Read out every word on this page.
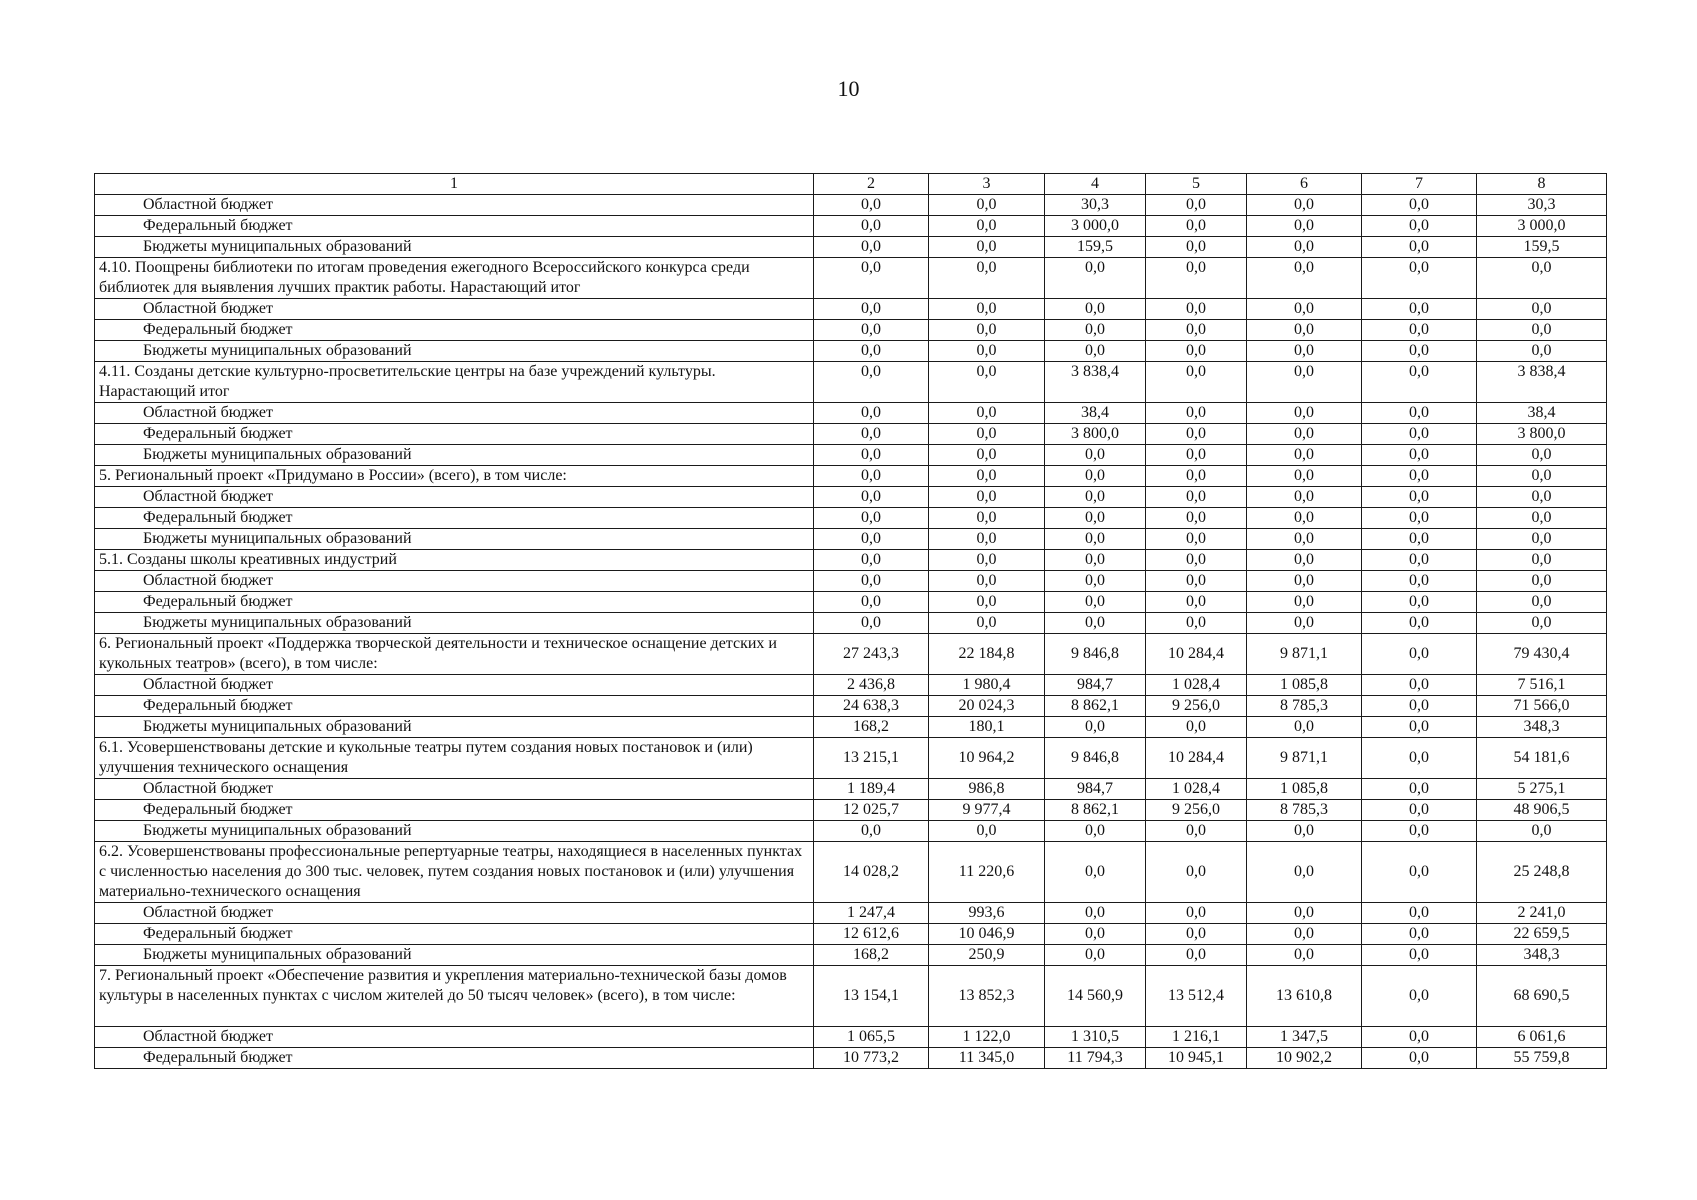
10
1	2	3	4	5	6	7	8
Областной бюджет	0,0	0,0	30,3	0,0	0,0	0,0	30,3
Федеральный бюджет	0,0	0,0	3 000,0	0,0	0,0	0,0	3 000,0
Бюджеты муниципальных образований	0,0	0,0	159,5	0,0	0,0	0,0	159,5
4.10. Поощрены библиотеки по итогам проведения ежегодного Всероссийского конкурса среди библиотек для выявления лучших практик работы. Нарастающий итог	0,0	0,0	0,0	0,0	0,0	0,0	0,0
Областной бюджет	0,0	0,0	0,0	0,0	0,0	0,0	0,0
Федеральный бюджет	0,0	0,0	0,0	0,0	0,0	0,0	0,0
Бюджеты муниципальных образований	0,0	0,0	0,0	0,0	0,0	0,0	0,0
4.11. Созданы детские культурно-просветительские центры на базе учреждений культуры. Нарастающий итог	0,0	0,0	3 838,4	0,0	0,0	0,0	3 838,4
Областной бюджет	0,0	0,0	38,4	0,0	0,0	0,0	38,4
Федеральный бюджет	0,0	0,0	3 800,0	0,0	0,0	0,0	3 800,0
Бюджеты муниципальных образований	0,0	0,0	0,0	0,0	0,0	0,0	0,0
5. Региональный проект «Придумано в России» (всего), в том числе:	0,0	0,0	0,0	0,0	0,0	0,0	0,0
Областной бюджет	0,0	0,0	0,0	0,0	0,0	0,0	0,0
Федеральный бюджет	0,0	0,0	0,0	0,0	0,0	0,0	0,0
Бюджеты муниципальных образований	0,0	0,0	0,0	0,0	0,0	0,0	0,0
5.1. Созданы школы креативных индустрий	0,0	0,0	0,0	0,0	0,0	0,0	0,0
Областной бюджет	0,0	0,0	0,0	0,0	0,0	0,0	0,0
Федеральный бюджет	0,0	0,0	0,0	0,0	0,0	0,0	0,0
Бюджеты муниципальных образований	0,0	0,0	0,0	0,0	0,0	0,0	0,0
6. Региональный проект «Поддержка творческой деятельности и техническое оснащение детских и кукольных театров» (всего), в том числе:	27 243,3	22 184,8	9 846,8	10 284,4	9 871,1	0,0	79 430,4
Областной бюджет	2 436,8	1 980,4	984,7	1 028,4	1 085,8	0,0	7 516,1
Федеральный бюджет	24 638,3	20 024,3	8 862,1	9 256,0	8 785,3	0,0	71 566,0
Бюджеты муниципальных образований	168,2	180,1	0,0	0,0	0,0	0,0	348,3
6.1. Усовершенствованы детские и кукольные театры путем создания новых постановок и (или) улучшения технического оснащения	13 215,1	10 964,2	9 846,8	10 284,4	9 871,1	0,0	54 181,6
Областной бюджет	1 189,4	986,8	984,7	1 028,4	1 085,8	0,0	5 275,1
Федеральный бюджет	12 025,7	9 977,4	8 862,1	9 256,0	8 785,3	0,0	48 906,5
Бюджеты муниципальных образований	0,0	0,0	0,0	0,0	0,0	0,0	0,0
6.2. Усовершенствованы профессиональные репертуарные театры, находящиеся в населенных пунктах с численностью населения до 300 тыс. человек, путем создания новых постановок и (или) улучшения материально-технического оснащения	14 028,2	11 220,6	0,0	0,0	0,0	0,0	25 248,8
Областной бюджет	1 247,4	993,6	0,0	0,0	0,0	0,0	2 241,0
Федеральный бюджет	12 612,6	10 046,9	0,0	0,0	0,0	0,0	22 659,5
Бюджеты муниципальных образований	168,2	250,9	0,0	0,0	0,0	0,0	348,3
7. Региональный проект «Обеспечение развития и укрепления материально-технической базы домов культуры в населенных пунктах с числом жителей до 50 тысяч человек» (всего), в том числе:	13 154,1	13 852,3	14 560,9	13 512,4	13 610,8	0,0	68 690,5
Областной бюджет	1 065,5	1 122,0	1 310,5	1 216,1	1 347,5	0,0	6 061,6
Федеральный бюджет	10 773,2	11 345,0	11 794,3	10 945,1	10 902,2	0,0	55 759,8
